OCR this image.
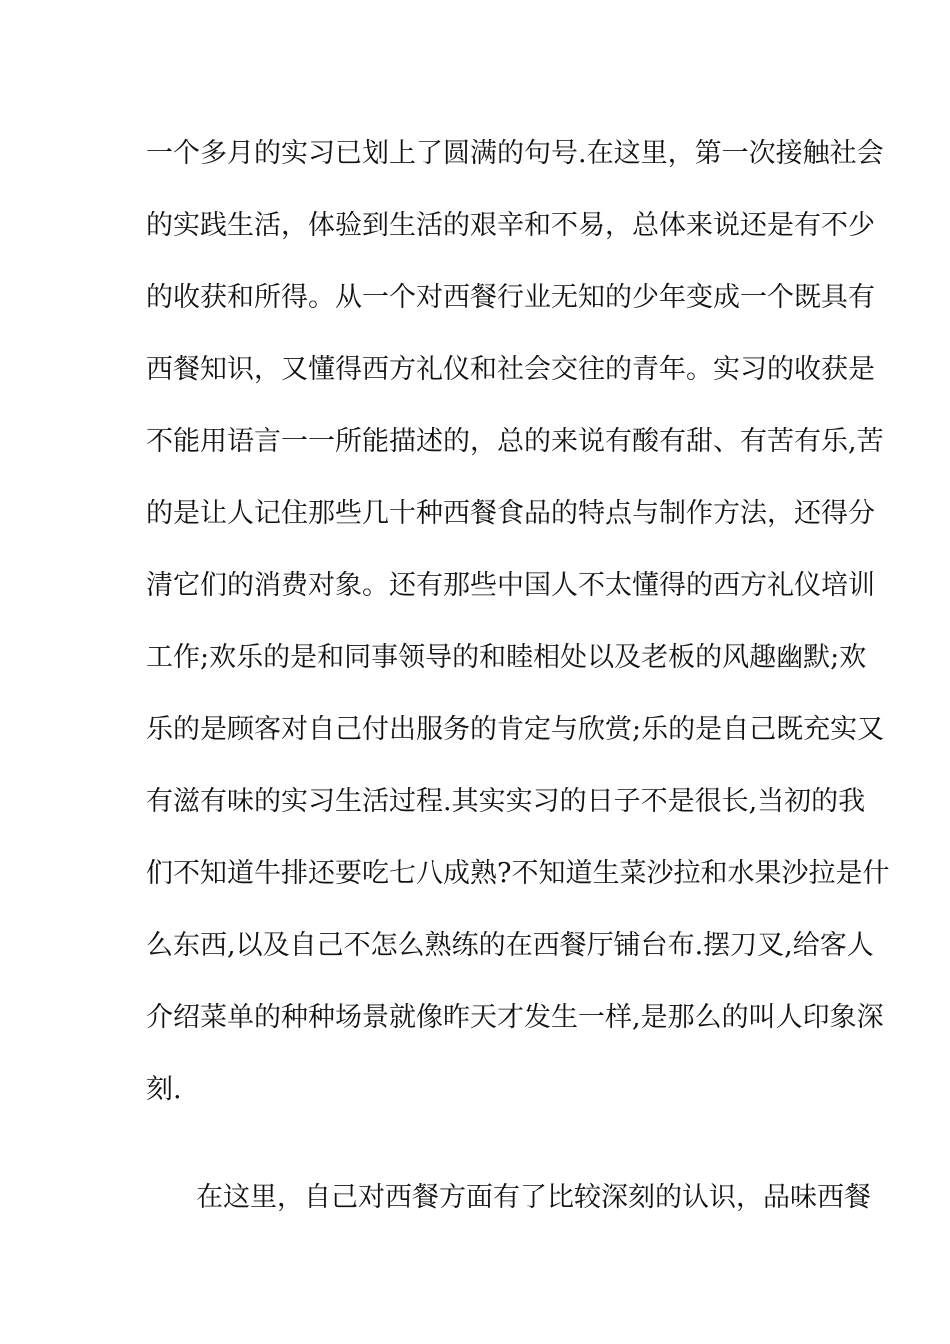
一个多月的实习已划上了圆满的句号.在这里，第一次接触社会
的实践生活，体验到生活的艰辛和不易，总体来说还是有不少
的收获和所得。从一个对西餐行业无知的少年变成一个既具有
西餐知识，又懂得西方礼仪和社会交往的青年。实习的收获是
不能用语言一一所能描述的，总的来说有酸有甜、有苦有乐,苦
的是让人记住那些几十种西餐食品的特点与制作方法，还得分
清它们的消费对象。还有那些中国人不太懂得的西方礼仪培训
工作;欢乐的是和同事领导的和睦相处以及老板的风趣幽默;欢
乐的是顾客对自己付出服务的肯定与欣赏;乐的是自己既充实又
有滋有味的实习生活过程.其实实习的日子不是很长,当初的我
们不知道牛排还要吃七八成熟?不知道生菜沙拉和水果沙拉是什
么东西,以及自己不怎么熟练的在西餐厅铺台布.摆刀叉,给客人
介绍菜单的种种场景就像昨天才发生一样,是那么的叫人印象深
刻.
在这里，自己对西餐方面有了比较深刻的认识，品味西餐
